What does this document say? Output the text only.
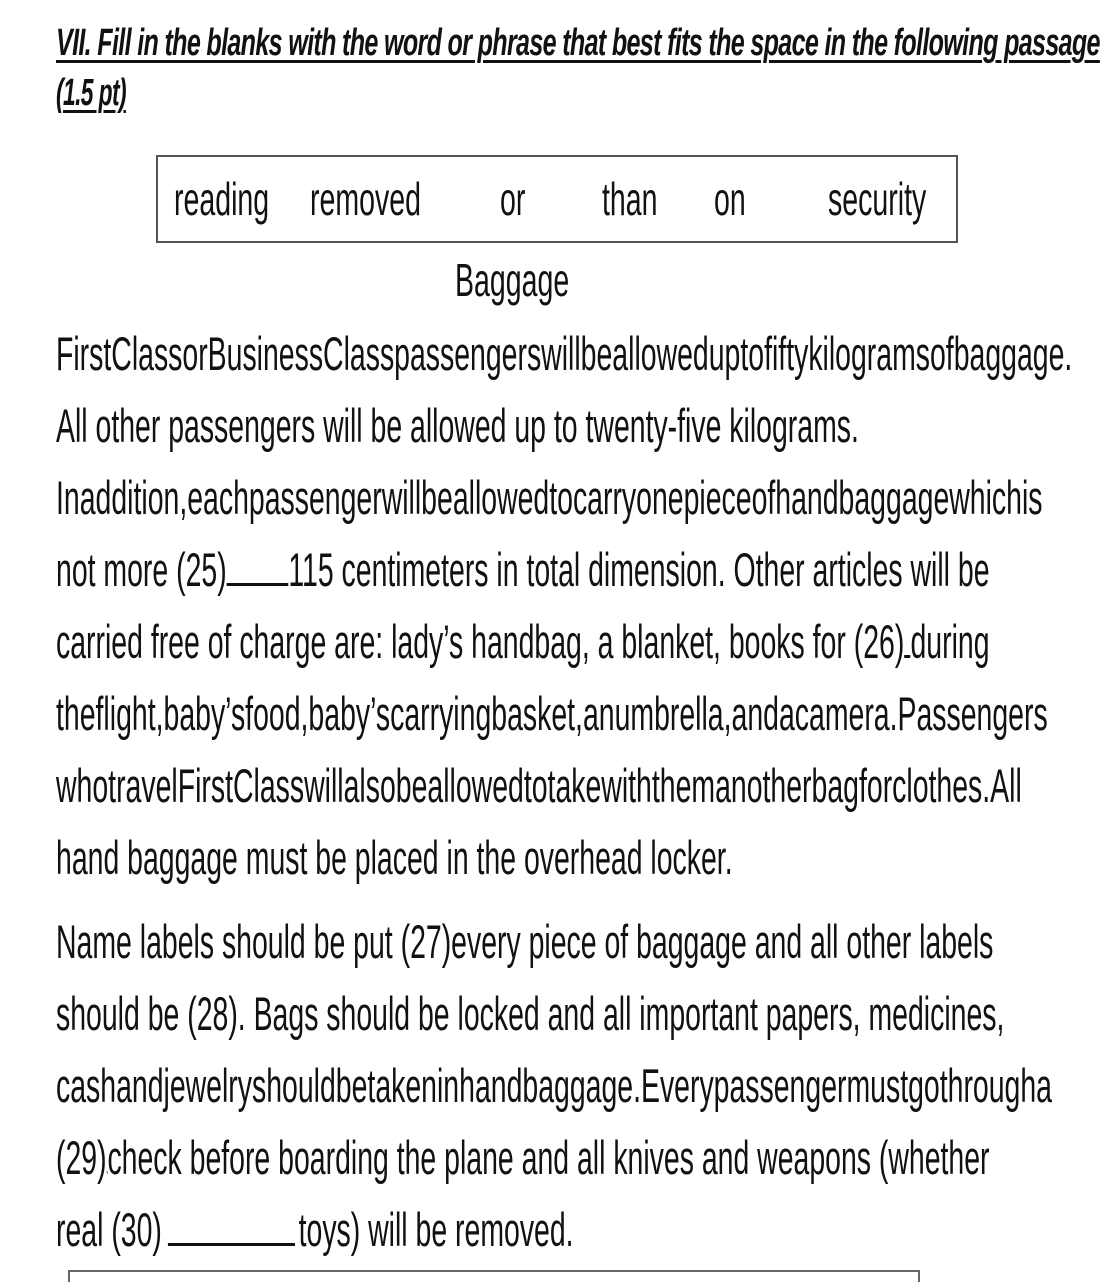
VII. Fill in the blanks with the word or phrase that best fits the space in the following passage
(1.5 pt)
reading removed or than on security
Baggage
First Class or Business Class passengers will be allowed up to fifty kilograms of baggage.
All other passengers will be allowed up to twenty-five kilograms.
In addition, each passenger will be allowed to carry one piece of hand baggage which is
not more (25) 115 centimeters in total dimension. Other articles will be
carried free of charge are: lady’s handbag, a blanket, books for (26) during
the flight, baby’s food, baby’s carrying basket, an umbrella, and a camera. Passengers
who travel First Class will also be allowed to take with them another bag for clothes. All
hand baggage must be placed in the overhead locker.
Name labels should be put (27) every piece of baggage and all other labels
should be (28) . Bags should be locked and all important papers, medicines,
cash and jewelry should be taken in hand baggage. Every passenger must go through a
(29) check before boarding the plane and all knives and weapons (whether
real (30)	toys) will be removed.
